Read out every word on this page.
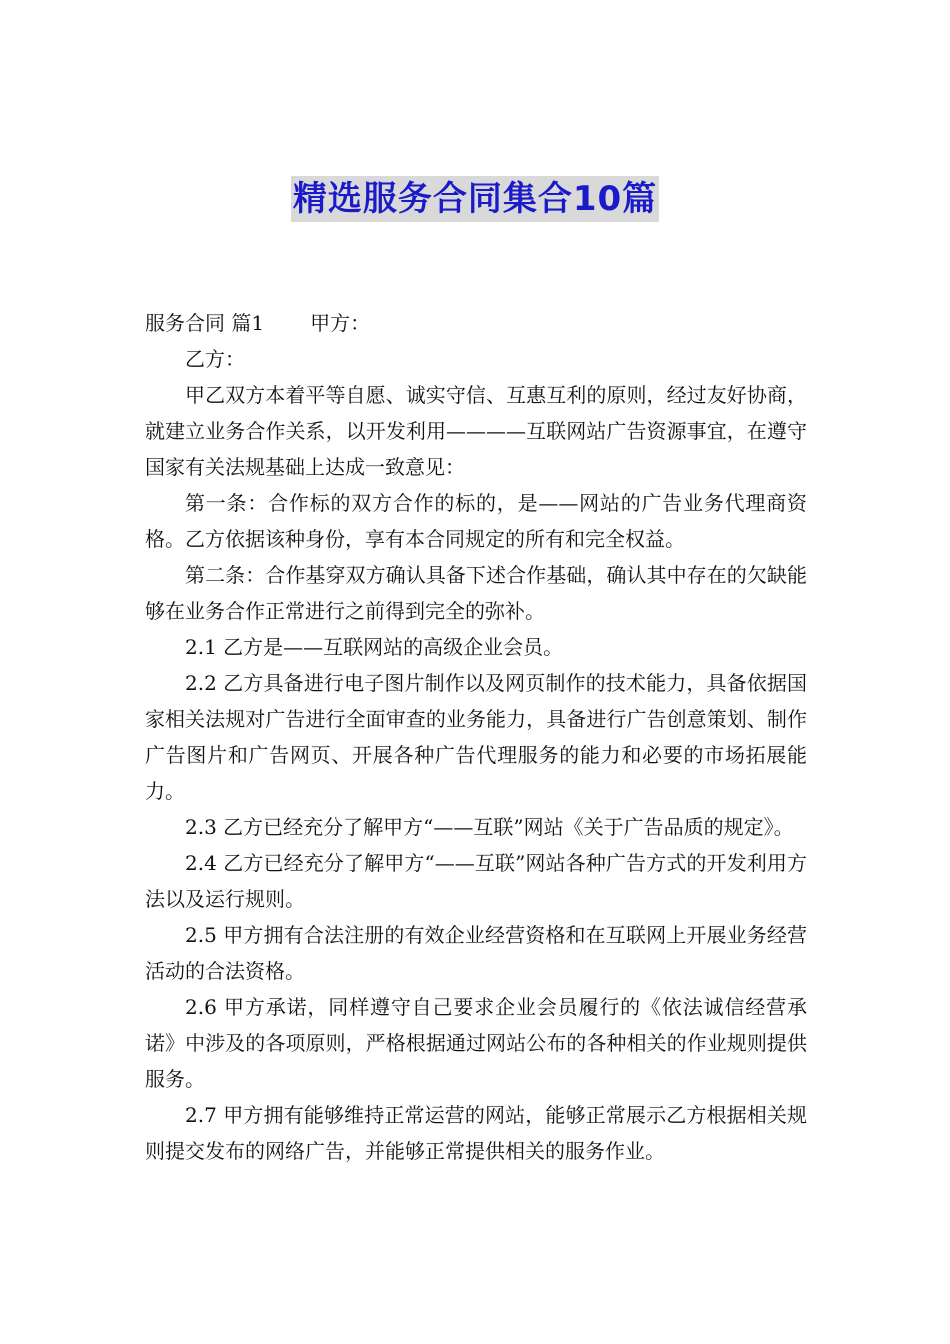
精选服务合同集合10篇

服务合同 篇1 甲方：

乙方：

甲乙双方本着平等自愿、诚实守信、互惠互利的原则，经过友好协商，就建立业务合作关系，以开发利用————互联网站广告资源事宜，在遵守国家有关法规基础上达成一致意见：

第一条：合作标的双方合作的标的，是——网站的广告业务代理商资格。乙方依据该种身份，享有本合同规定的所有和完全权益。

第二条：合作基穿双方确认具备下述合作基础，确认其中存在的欠缺能够在业务合作正常进行之前得到完全的弥补。

2.1 乙方是——互联网站的高级企业会员。

2.2 乙方具备进行电子图片制作以及网页制作的技术能力，具备依据国家相关法规对广告进行全面审查的业务能力，具备进行广告创意策划、制作广告图片和广告网页、开展各种广告代理服务的能力和必要的市场拓展能力。

2.3 乙方已经充分了解甲方“——互联”网站《关于广告品质的规定》。

2.4 乙方已经充分了解甲方“——互联”网站各种广告方式的开发利用方法以及运行规则。

2.5 甲方拥有合法注册的有效企业经营资格和在互联网上开展业务经营活动的合法资格。

2.6 甲方承诺，同样遵守自己要求企业会员履行的《依法诚信经营承诺》中涉及的各项原则，严格根据通过网站公布的各种相关的作业规则提供服务。

2.7 甲方拥有能够维持正常运营的网站，能够正常展示乙方根据相关规则提交发布的网络广告，并能够正常提供相关的服务作业。
